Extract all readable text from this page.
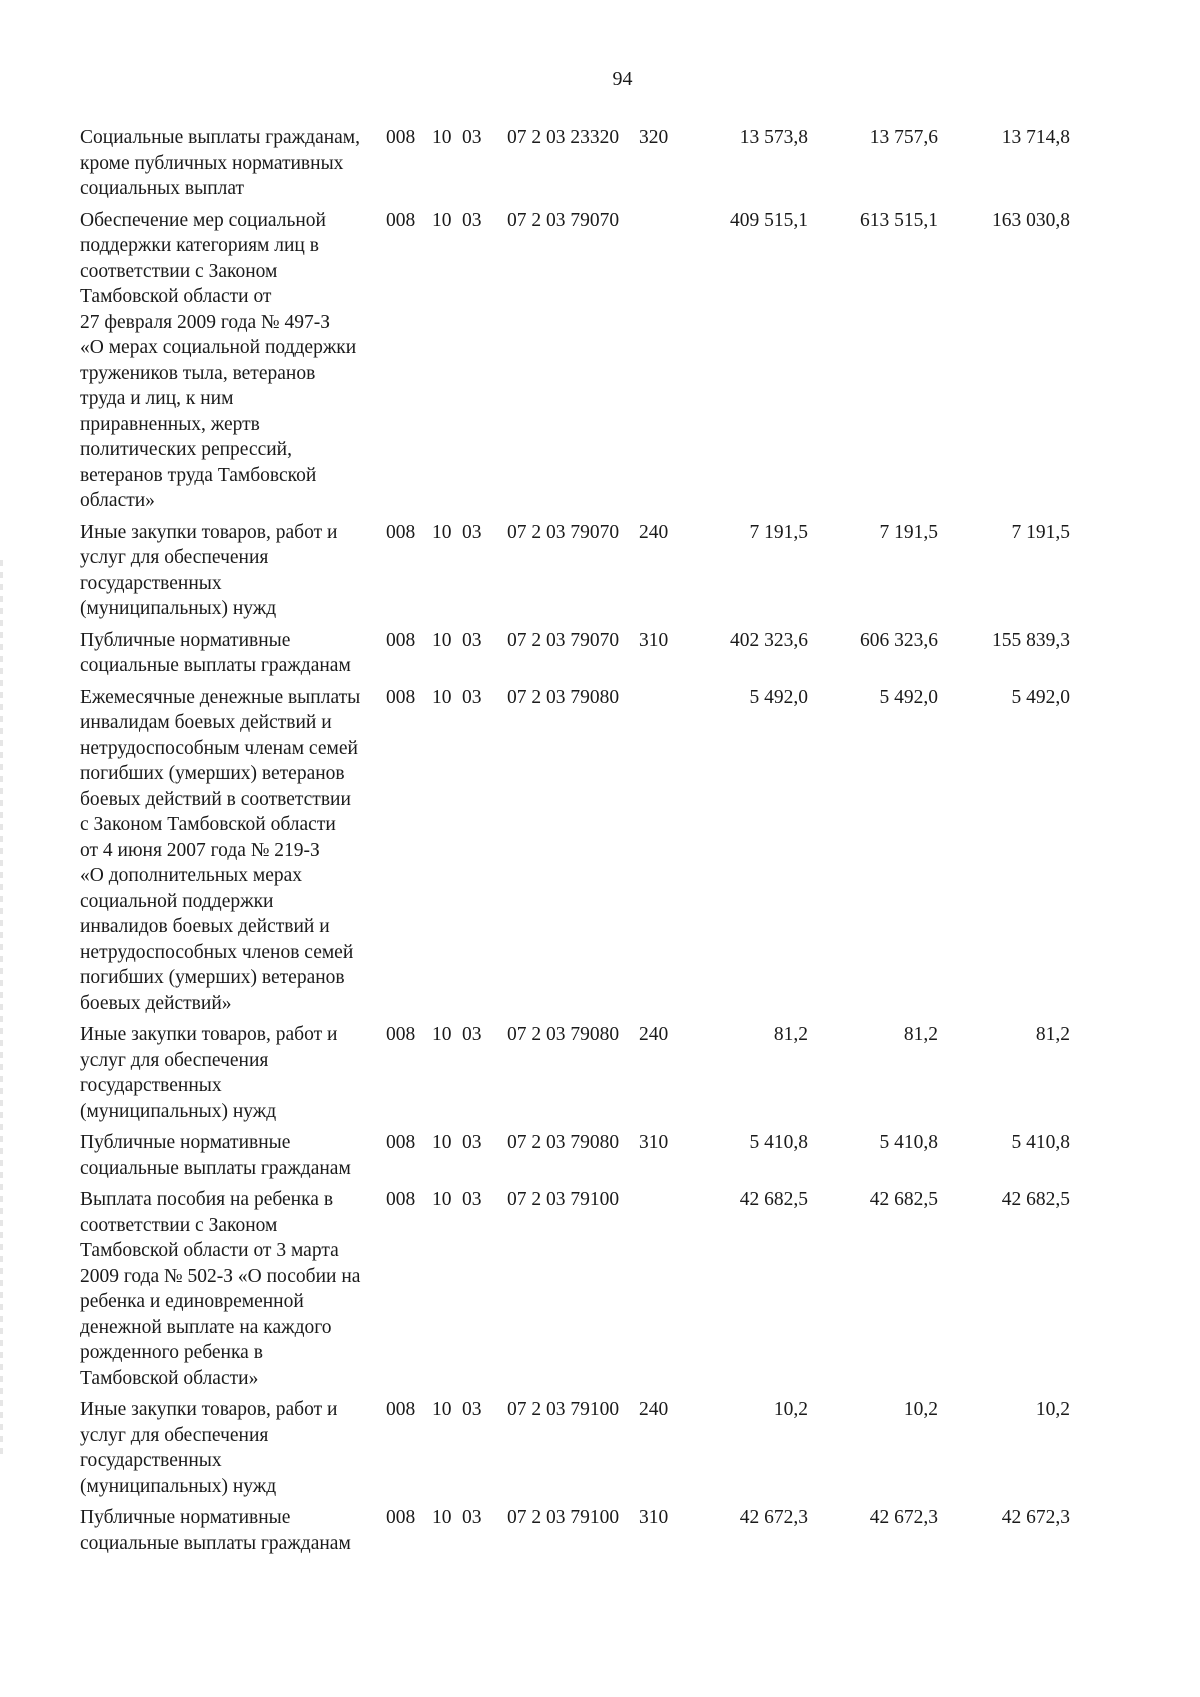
94
Социальные выплаты гражданам,
кроме публичных нормативных
социальных выплат
008 10 03 07 2 03 23320 320	13 573,8	13 757,6	13 714,8
Обеспечение мер социальной
поддержки категориям лиц в
соответствии с Законом
Тамбовской области от
27 февраля 2009 года № 497-З
«О мерах социальной поддержки
тружеников тыла, ветеранов
труда и лиц, к ним
приравненных, жертв
политических репрессий,
ветеранов труда Тамбовской
области»
008 10 03 07 2 03 79070	409 515,1	613 515,1	163 030,8
Иные закупки товаров, работ и
услуг для обеспечения
государственных
(муниципальных) нужд
008 10 03 07 2 03 79070 240	7 191,5	7 191,5	7 191,5
Публичные нормативные
социальные выплаты гражданам
008 10 03 07 2 03 79070 310	402 323,6	606 323,6	155 839,3
Ежемесячные денежные выплаты
инвалидам боевых действий и
нетрудоспособным членам семей
погибших (умерших) ветеранов
боевых действий в соответствии
с Законом Тамбовской области
от 4 июня 2007 года № 219-З
«О дополнительных мерах
социальной поддержки
инвалидов боевых действий и
нетрудоспособных членов семей
погибших (умерших) ветеранов
боевых действий»
008 10 03 07 2 03 79080	5 492,0	5 492,0	5 492,0
Иные закупки товаров, работ и
услуг для обеспечения
государственных
(муниципальных) нужд
008 10 03 07 2 03 79080 240	81,2	81,2	81,2
Публичные нормативные
социальные выплаты гражданам
008 10 03 07 2 03 79080 310	5 410,8	5 410,8	5 410,8
Выплата пособия на ребенка в
соответствии с Законом
Тамбовской области от 3 марта
2009 года № 502-З «О пособии на
ребенка и единовременной
денежной выплате на каждого
рожденного ребенка в
Тамбовской области»
008 10 03 07 2 03 79100	42 682,5	42 682,5	42 682,5
Иные закупки товаров, работ и
услуг для обеспечения
государственных
(муниципальных) нужд
008 10 03 07 2 03 79100 240	10,2	10,2	10,2
Публичные нормативные
социальные выплаты гражданам
008 10 03 07 2 03 79100 310	42 672,3	42 672,3	42 672,3
